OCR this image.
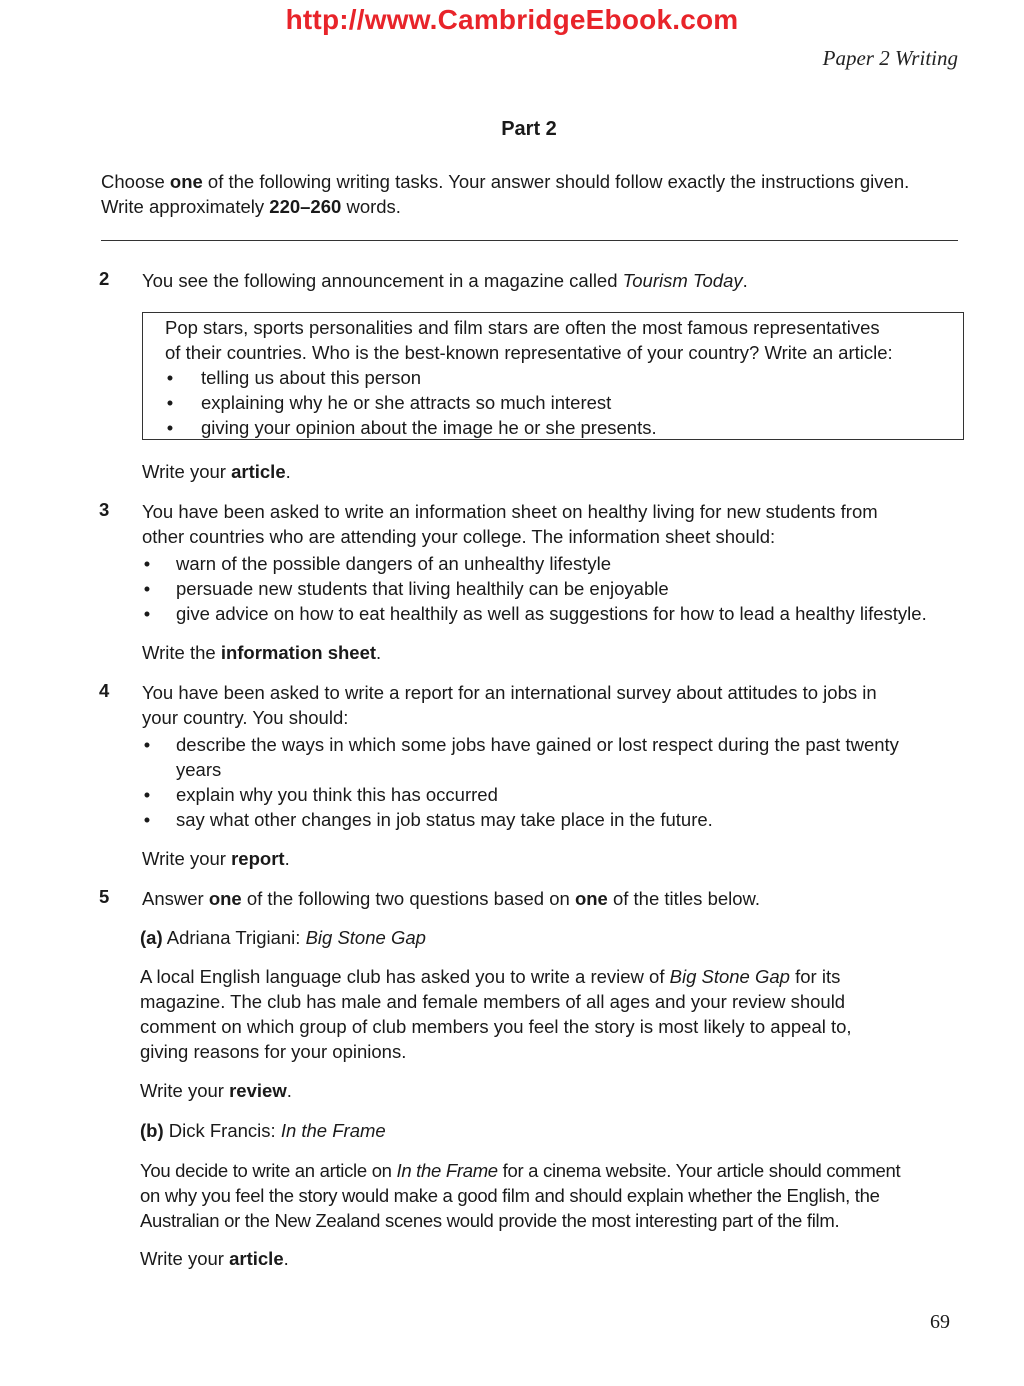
http://www.CambridgeEbook.com
Paper 2 Writing
Part 2
Choose one of the following writing tasks. Your answer should follow exactly the instructions given.
Write approximately 220–260 words.
2 You see the following announcement in a magazine called Tourism Today.
Pop stars, sports personalities and film stars are often the most famous representatives
of their countries. Who is the best-known representative of your country? Write an article:
• telling us about this person
• explaining why he or she attracts so much interest
• giving your opinion about the image he or she presents.
Write your article.
3 You have been asked to write an information sheet on healthy living for new students from
other countries who are attending your college. The information sheet should:
• warn of the possible dangers of an unhealthy lifestyle
• persuade new students that living healthily can be enjoyable
• give advice on how to eat healthily as well as suggestions for how to lead a healthy lifestyle.
Write the information sheet.
4 You have been asked to write a report for an international survey about attitudes to jobs in
your country. You should:
• describe the ways in which some jobs have gained or lost respect during the past twenty
years
• explain why you think this has occurred
• say what other changes in job status may take place in the future.
Write your report.
5 Answer one of the following two questions based on one of the titles below.
(a) Adriana Trigiani: Big Stone Gap
A local English language club has asked you to write a review of Big Stone Gap for its
magazine. The club has male and female members of all ages and your review should
comment on which group of club members you feel the story is most likely to appeal to,
giving reasons for your opinions.
Write your review.
(b) Dick Francis: In the Frame
You decide to write an article on In the Frame for a cinema website. Your article should comment
on why you feel the story would make a good film and should explain whether the English, the
Australian or the New Zealand scenes would provide the most interesting part of the film.
Write your article.
69
